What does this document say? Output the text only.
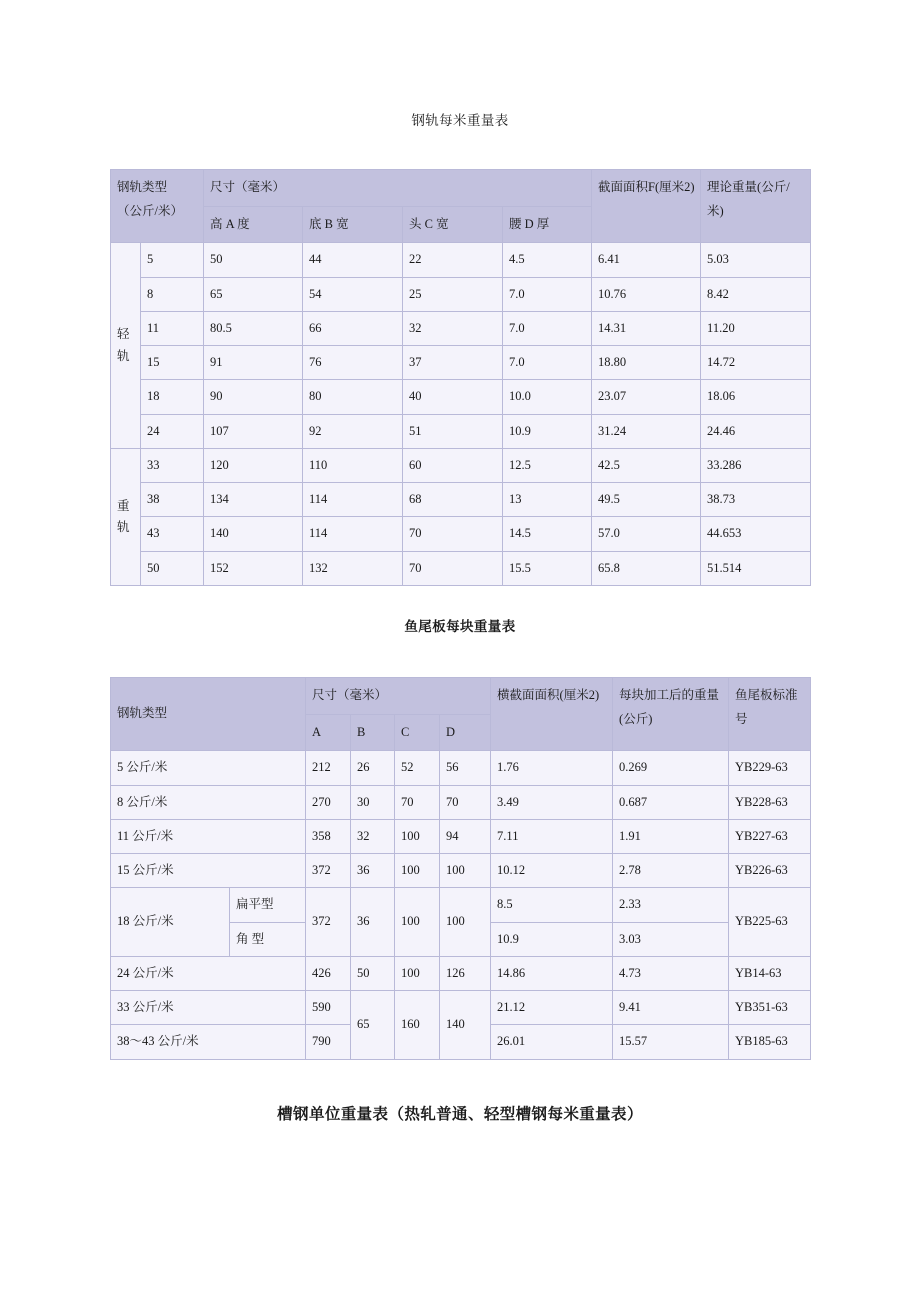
钢轨每米重量表
钢轨类型
（公斤/米）		尺寸（毫米）				截面面积F(厘米2)	理论重量(公斤/米)
		高 A 度	底 B 宽	头 C 宽	腰 D 厚		
轻轨	5	50	44	22	4.5	6.41	5.03
	8	65	54	25	7.0	10.76	8.42
	11	80.5	66	32	7.0	14.31	11.20
	15	91	76	37	7.0	18.80	14.72
	18	90	80	40	10.0	23.07	18.06
	24	107	92	51	10.9	31.24	24.46
重轨	33	120	110	60	12.5	42.5	33.286
	38	134	114	68	13	49.5	38.73
	43	140	114	70	14.5	57.0	44.653
	50	152	132	70	15.5	65.8	51.514
鱼尾板每块重量表
钢轨类型		尺寸（毫米）				横截面面积(厘米2)	每块加工后的重量(公斤)	鱼尾板标准号
		A	B	C	D			
5 公斤/米		212	26	52	56	1.76	0.269	YB229-63
8 公斤/米		270	30	70	70	3.49	0.687	YB228-63
11 公斤/米		358	32	100	94	7.11	1.91	YB227-63
15 公斤/米		372	36	100	100	10.12	2.78	YB226-63
18 公斤/米	扁平型	372	36	100	100	8.5	2.33	YB225-63
	角 型					10.9	3.03	
24 公斤/米		426	50	100	126	14.86	4.73	YB14-63
33 公斤/米		590	65	160	140	21.12	9.41	YB351-63
38～43 公斤/米		790				26.01	15.57	YB185-63
槽钢单位重量表（热轧普通、轻型槽钢每米重量表）
